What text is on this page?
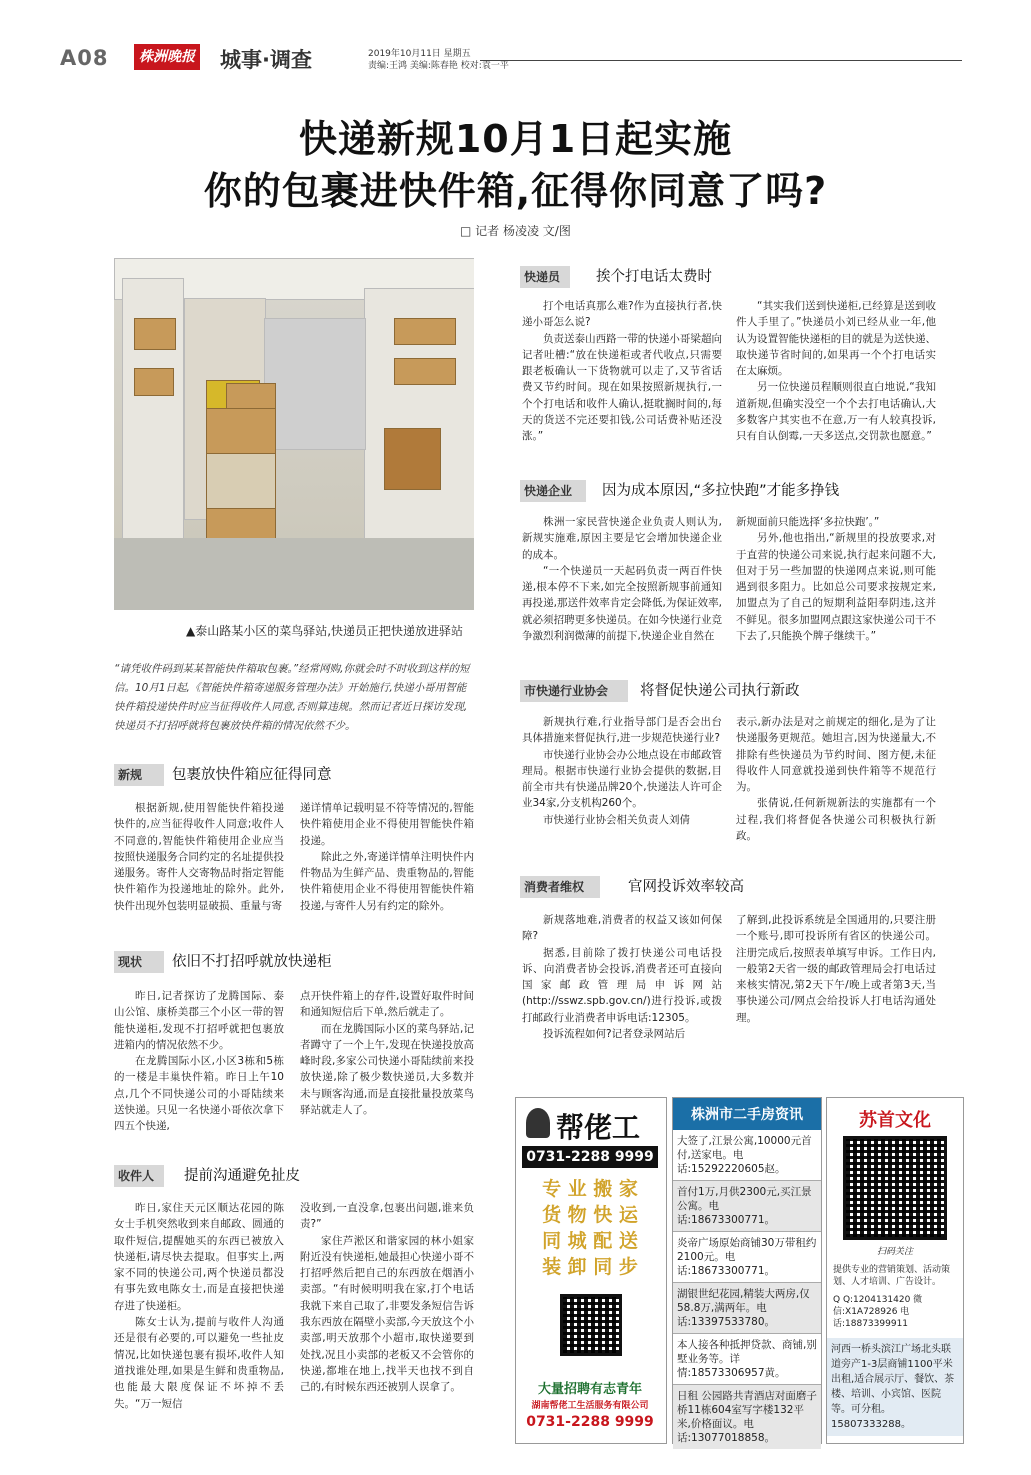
A08	株洲晚报 城事·调查	2019年10月11日 星期五
责编:王鸿 美编:陈春艳 校对:袁一平
快递新规10月1日起实施
你的包裹进快件箱,征得你同意了吗?
□ 记者 杨凌凌 文/图
▲泰山路某小区的菜鸟驿站,快递员正把快递放进驿站
“请凭收件码到某某智能快件箱取包裹。”经常网购,你就会时不时收到这样的短信。10月1日起,《智能快件箱寄递服务管理办法》开始施行,快递小哥用智能快件箱投递快件时应当征得收件人同意,否则算违规。然而记者近日探访发现,快递员不打招呼就将包裹放快件箱的情况依然不少。
新规	包裹放快件箱应征得同意

根据新规,使用智能快件箱投递快件的,应当征得收件人同意;收件人不同意的,智能快件箱使用企业应当按照快递服务合同约定的名址提供投递服务。寄件人交寄物品时指定智能快件箱作为投递地址的除外。此外,快件出现外包装明显破损、重量与寄

递详情单记载明显不符等情况的,智能快件箱使用企业不得使用智能快件箱投递。

除此之外,寄递详情单注明快件内件物品为生鲜产品、贵重物品的,智能快件箱使用企业不得使用智能快件箱投递,与寄件人另有约定的除外。

现状	依旧不打招呼就放快递柜

昨日,记者探访了龙腾国际、泰山公馆、康桥美郡三个小区一带的智能快递柜,发现不打招呼就把包裹放进箱内的情况依然不少。

在龙腾国际小区,小区3栋和5栋的一楼是丰巢快件箱。昨日上午10点,几个不同快递公司的小哥陆续来送快递。只见一名快递小哥依次拿下四五个快递,

点开快件箱上的存件,设置好取件时间和通知短信后下单,然后就走了。

而在龙腾国际小区的菜鸟驿站,记者蹲守了一个上午,发现在快递投放高峰时段,多家公司快递小哥陆续前来投放快递,除了极少数快递员,大多数并未与顾客沟通,而是直接批量投放菜鸟驿站就走人了。

收件人	提前沟通避免扯皮

昨日,家住天元区顺达花园的陈女士手机突然收到来自邮政、圆通的取件短信,提醒她买的东西已被放入快递柜,请尽快去提取。但事实上,两家不同的快递公司,两个快递员都没有事先致电陈女士,而是直接把快递存进了快递柜。

陈女士认为,提前与收件人沟通还是很有必要的,可以避免一些扯皮情况,比如快递包裹有损坏,收件人知道找谁处理,如果是生鲜和贵重物品,也能最大限度保证不坏掉不丢失。“万一短信

没收到,一直没拿,包裹出问题,谁来负责?”

家住芦淞区和谐家园的林小姐家附近没有快递柜,她最担心快递小哥不打招呼然后把自己的东西放在烟酒小卖部。“有时候明明我在家,打个电话我就下来自己取了,非要发条短信告诉我东西放在隔壁小卖部,今天放这个小卖部,明天放那个小超市,取快递要到处找,况且小卖部的老板又不会管你的快递,都堆在地上,找半天也找不到自己的,有时候东西还被别人误拿了。

快递员	挨个打电话太费时

打个电话真那么难?作为直接执行者,快递小哥怎么说?

负责送泰山西路一带的快递小哥梁超向记者吐槽:“放在快递柜或者代收点,只需要跟老板确认一下货物就可以走了,又节省话费又节约时间。现在如果按照新规执行,一个个打电话和收件人确认,挺耽搁时间的,每天的货送不完还要扣钱,公司话费补贴还没涨。”

“其实我们送到快递柜,已经算是送到收件人手里了。”快递员小刘已经从业一年,他认为设置智能快递柜的目的就是为送快递、取快递节省时间的,如果再一个个打电话实在太麻烦。

另一位快递员程顺则很直白地说,“我知道新规,但确实没空一个个去打电话确认,大多数客户其实也不在意,万一有人较真投诉,只有自认倒霉,一天多送点,交罚款也愿意。”

快递企业	因为成本原因,“多拉快跑”才能多挣钱

株洲一家民营快递企业负责人则认为,新规实施难,原因主要是它会增加快递企业的成本。

“一个快递员一天起码负责一两百件快递,根本停不下来,如完全按照新规事前通知再投递,那送件效率肯定会降低,为保证效率,就必须招聘更多快递员。在如今快递行业竞争激烈利润微薄的前提下,快递企业自然在

新规面前只能选择‘多拉快跑’。”

另外,他也指出,“新规里的投放要求,对于直营的快递公司来说,执行起来问题不大,但对于另一些加盟的快递网点来说,则可能遇到很多阻力。比如总公司要求按规定来,加盟点为了自己的短期利益阳奉阴违,这并不鲜见。很多加盟网点跟这家快递公司干不下去了,只能换个牌子继续干。”

市快递行业协会	将督促快递公司执行新政

新规执行难,行业指导部门是否会出台具体措施来督促执行,进一步规范快递行业?

市快递行业协会办公地点设在市邮政管理局。根据市快递行业协会提供的数据,目前全市共有快递品牌20个,快递法人许可企业34家,分支机构260个。

市快递行业协会相关负责人刘倩

表示,新办法是对之前规定的细化,是为了让快递服务更规范。她坦言,因为快递量大,不排除有些快递员为节约时间、图方便,未征得收件人同意就投递到快件箱等不规范行为。

张倩说,任何新规新法的实施都有一个过程,我们将督促各快递公司积极执行新政。

消费者维权	官网投诉效率较高

新规落地难,消费者的权益又该如何保障?

据悉,目前除了拨打快递公司电话投诉、向消费者协会投诉,消费者还可直接向国家邮政管理局申诉网站(http://sswz.spb.gov.cn/)进行投诉,或拨打邮政行业消费者申诉电话:12305。

投诉流程如何?记者登录网站后

了解到,此投诉系统是全国通用的,只要注册一个账号,即可投诉所有省区的快递公司。注册完成后,按照表单填写申诉。工作日内,一般第2天省一级的邮政管理局会打电话过来核实情况,第2天下午/晚上或者第3天,当事快递公司/网点会给投诉人打电话沟通处理。

帮佬工
0731-2288 9999
专 业 搬 家
货 物 快 运
同 城 配 送
装 卸 同 步
大量招聘有志青年
湖南帮佬工生活服务有限公司
0731-2288 9999
株洲市二手房资讯
大签了,江景公寓,10000元首付,送家电。电话:15292220605赵。
首付1万,月供2300元,买江景公寓。电话:18673300771。
炎帝广场原始商铺30万带租约2100元。电话:18673300771。
湖银世纪花园,精装大两房,仅58.8万,满两年。电话:13397533780。
本人接各种抵押贷款、商铺,别墅业务等。详情:18573306957黄。
日租 公园路共青酒店对面磨子桥11栋604室写字楼132平米,价格面议。电话:13077018858。
苏首文化
扫码关注
提供专业的营销策划、活动策划、人才培训、广告设计。
Q Q:1204131420 微信:X1A728926 电话:18873399911
河西一桥头滨江广场北头联道旁产1-3层商铺1100平米出租,适合展示厅、餐饮、茶楼、培训、小宾馆、医院等。可分租。15807333288。
